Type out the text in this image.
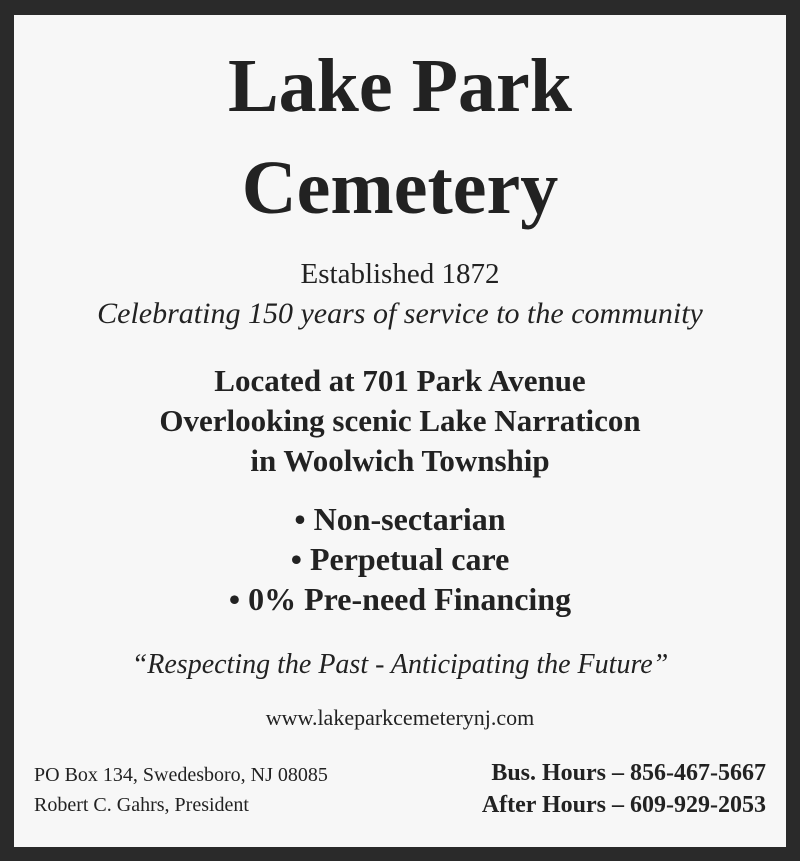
Lake Park
Cemetery
Established 1872
Celebrating 150 years of service to the community
Located at 701 Park Avenue
Overlooking scenic Lake Narraticon
in Woolwich Township
• Non-sectarian
• Perpetual care
• 0% Pre-need Financing
“Respecting the Past - Anticipating the Future”
www.lakeparkcemeterynj.com
PO Box 134, Swedesboro, NJ 08085
Robert C. Gahrs, President
Bus. Hours – 856-467-5667
After Hours – 609-929-2053
